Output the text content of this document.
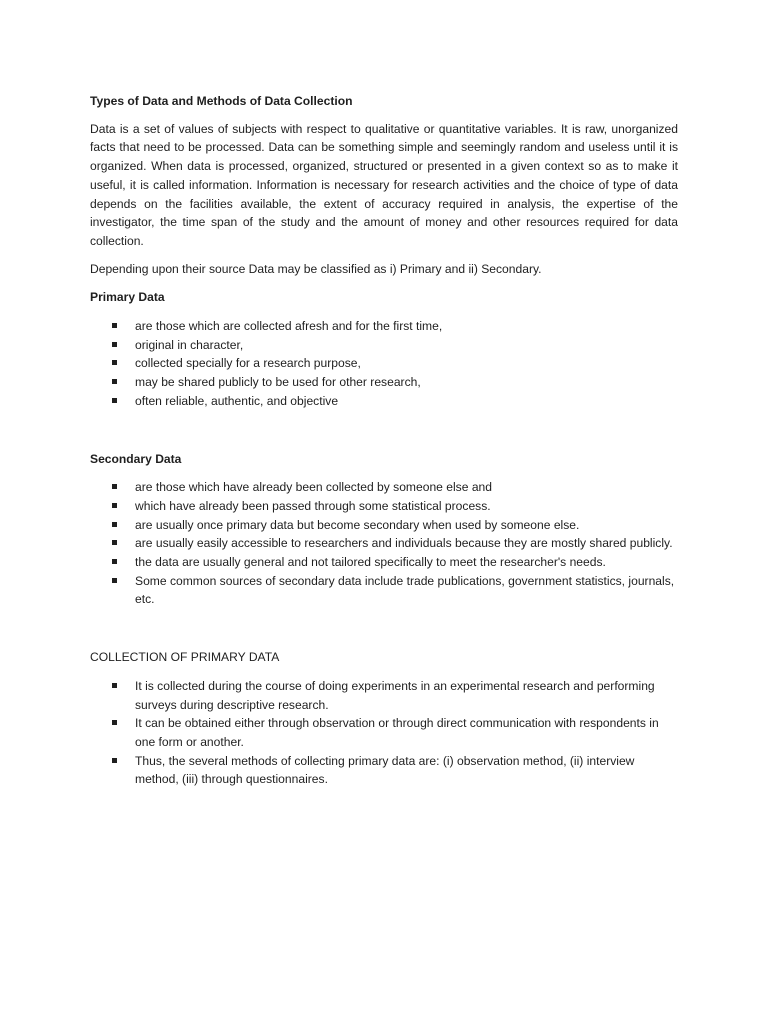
Types of Data and Methods of Data Collection
Data is a set of values of subjects with respect to qualitative or quantitative variables. It is raw, unorganized facts that need to be processed. Data can be something simple and seemingly random and useless until it is organized. When data is processed, organized, structured or presented in a given context so as to make it useful, it is called information. Information is necessary for research activities and the choice of type of data depends on the facilities available, the extent of accuracy required in analysis, the expertise of the investigator, the time span of the study and the amount of money and other resources required for data collection.
Depending upon their source Data may be classified as i) Primary and ii) Secondary.
Primary Data
are those which are collected afresh and for the first time,
original in character,
collected specially for a research purpose,
may be shared publicly to be used for other research,
often reliable, authentic, and objective
Secondary Data
are those which have already been collected by someone else and
which have already been passed through some statistical process.
are usually once primary data but become secondary when used by someone else.
are usually easily accessible to researchers and individuals because they are mostly shared publicly.
the data are usually general and not tailored specifically to meet the researcher's needs.
Some common sources of secondary data include trade publications, government statistics, journals, etc.
COLLECTION OF PRIMARY DATA
It is collected during the course of doing experiments in an experimental research and performing surveys during descriptive research.
It can be obtained either through observation or through direct communication with respondents in one form or another.
Thus, the several methods of collecting primary data are: (i) observation method, (ii) interview method, (iii) through questionnaires.
